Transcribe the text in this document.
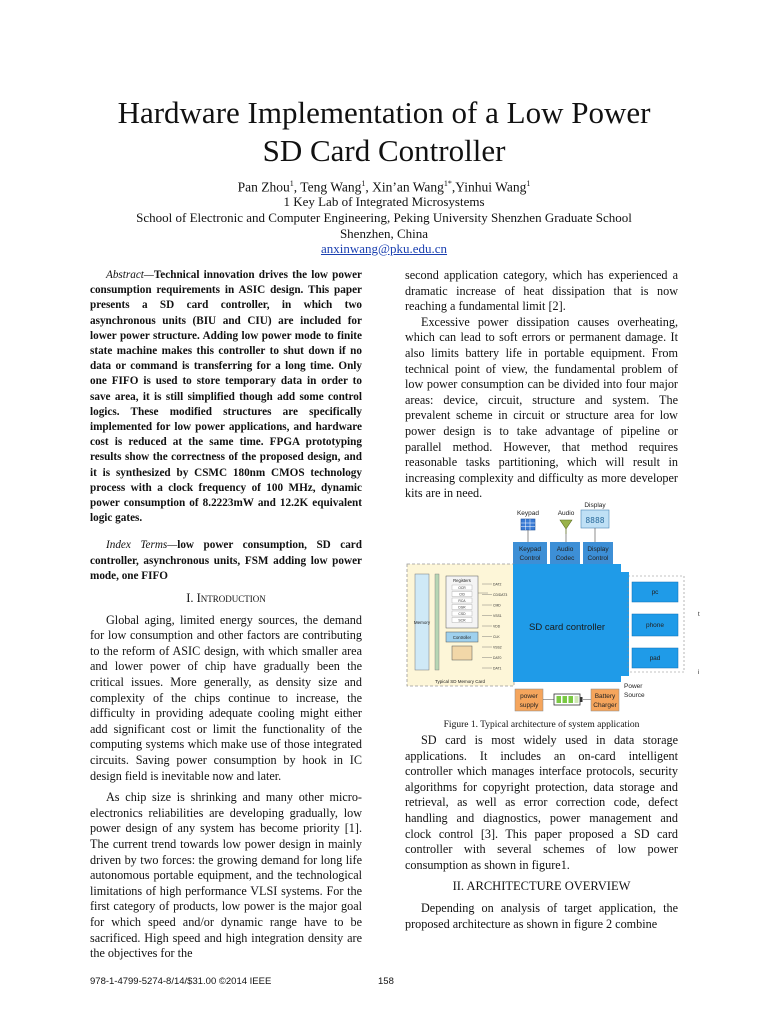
Hardware Implementation of a Low Power
SD Card Controller
Pan Zhou$^1$, Teng Wang$^1$, Xin’an Wang$^{1*}$,Yinhui Wang$^1$
1 Key Lab of Integrated Microsystems
School of Electronic and Computer Engineering, Peking University Shenzhen Graduate School
Shenzhen, China
anxinwang@pku.edu.cn

Abstract—Technical innovation drives the low power consumption requirements in ASIC design. This paper presents a SD card controller, in which two asynchronous units (BIU and CIU) are included for lower power structure. Adding low power mode to finite state machine makes this controller to shut down if no data or command is transferring for a long time. Only one FIFO is used to store temporary data in order to save area, it is still simplified though add some control logics. These modified structures are specifically implemented for low power applications, and hardware cost is reduced at the same time. FPGA prototyping results show the correctness of the proposed design, and it is synthesized by CSMC 180nm CMOS technology process with a clock frequency of 100 MHz, dynamic power consumption of 8.2223mW and 12.2K equivalent logic gates.

Index Terms—low power consumption, SD card controller, asynchronous units, FSM adding low power mode, one FIFO

I. Introduction

Global aging, limited energy sources, the demand for low consumption and other factors are contributing to the reform of ASIC design, with which smaller area and lower power of chip have gradually been the critical issues. More generally, as density size and complexity of the chips continue to increase, the difficulty in providing adequate cooling might either add significant cost or limit the functionality of the computing systems which make use of those integrated circuits. Saving power consumption by hook in IC design field is inevitable now and later.

As chip size is shrinking and many other micro-electronics reliabilities are developing gradually, low power design of any system has become priority [1]. The current trend towards low power design in mainly driven by two forces: the growing demand for long life autonomous portable equipment, and the technological limitations of high performance VLSI systems. For the first category of products, low power is the major goal for which speed and/or dynamic range have to be sacrificed. High speed and high integration density are the objectives for the

second application category, which has experienced a dramatic increase of heat dissipation that is now reaching a fundamental limit [2].

Excessive power dissipation causes overheating, which can lead to soft errors or permanent damage. It also limits battery life in portable equipment. From technical point of view, the fundamental problem of low power consumption can be divided into four major areas: device, circuit, structure and system. The prevalent scheme in circuit or structure area for low power design is to take advantage of pipeline or parallel method. However, that method requires reasonable tasks partitioning, which will result in increasing complexity and difficulty as more developer kits are in need.

Keypad	Audio
8888
Display
Keypad
Control
Audio
Codec
Display
Control
Memory
Registers
OCR
CID
RCA
DSR
CSD
SCR
Controller
DAT2
CD/DAT3
CMD
VSS1
VDD
CLK
VSS2
DAT0
DAT1
Typical SD Memory Card
SD card controller
pc
phone
pad
t
i
power
supply
Battery
Charger
Power
Source
Figure 1. Typical architecture of system application

SD card is most widely used in data storage applications. It includes an on-card intelligent controller which manages interface protocols, security algorithms for copyright protection, data storage and retrieval, as well as error correction code, defect handling and diagnostics, power management and clock control [3]. This paper proposed a SD card controller with several schemes of low power consumption as shown in figure1.

II. ARCHITECTURE OVERVIEW

Depending on analysis of target application, the proposed architecture as shown in figure 2 combine

978-1-4799-5274-8/14/$31.00 ©2014 IEEE	158
